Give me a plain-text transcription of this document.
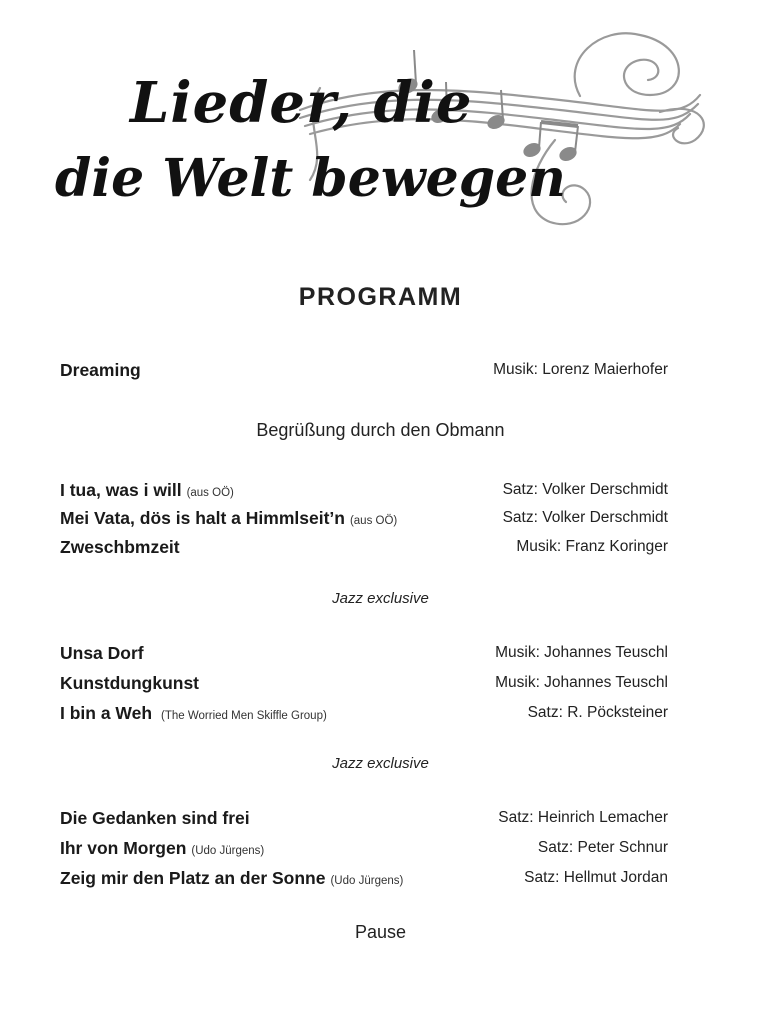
Lieder, die
die Welt bewegen
PROGRAMM
Dreaming	Musik: Lorenz Maierhofer
Begrüßung durch den Obmann
I tua, was i will (aus OÖ)	Satz: Volker Derschmidt
Mei Vata, dös is halt a Himmlseit’n (aus OÖ)	Satz: Volker Derschmidt
Zweschbmzeit	Musik: Franz Koringer
Jazz exclusive
Unsa Dorf	Musik: Johannes Teuschl
Kunstdungkunst	Musik: Johannes Teuschl
I bin a Weh (The Worried Men Skiffle Group)	Satz: R. Pöcksteiner
Jazz exclusive
Die Gedanken sind frei	Satz: Heinrich Lemacher
Ihr von Morgen (Udo Jürgens)	Satz: Peter Schnur
Zeig mir den Platz an der Sonne (Udo Jürgens)	Satz: Hellmut Jordan
Pause
